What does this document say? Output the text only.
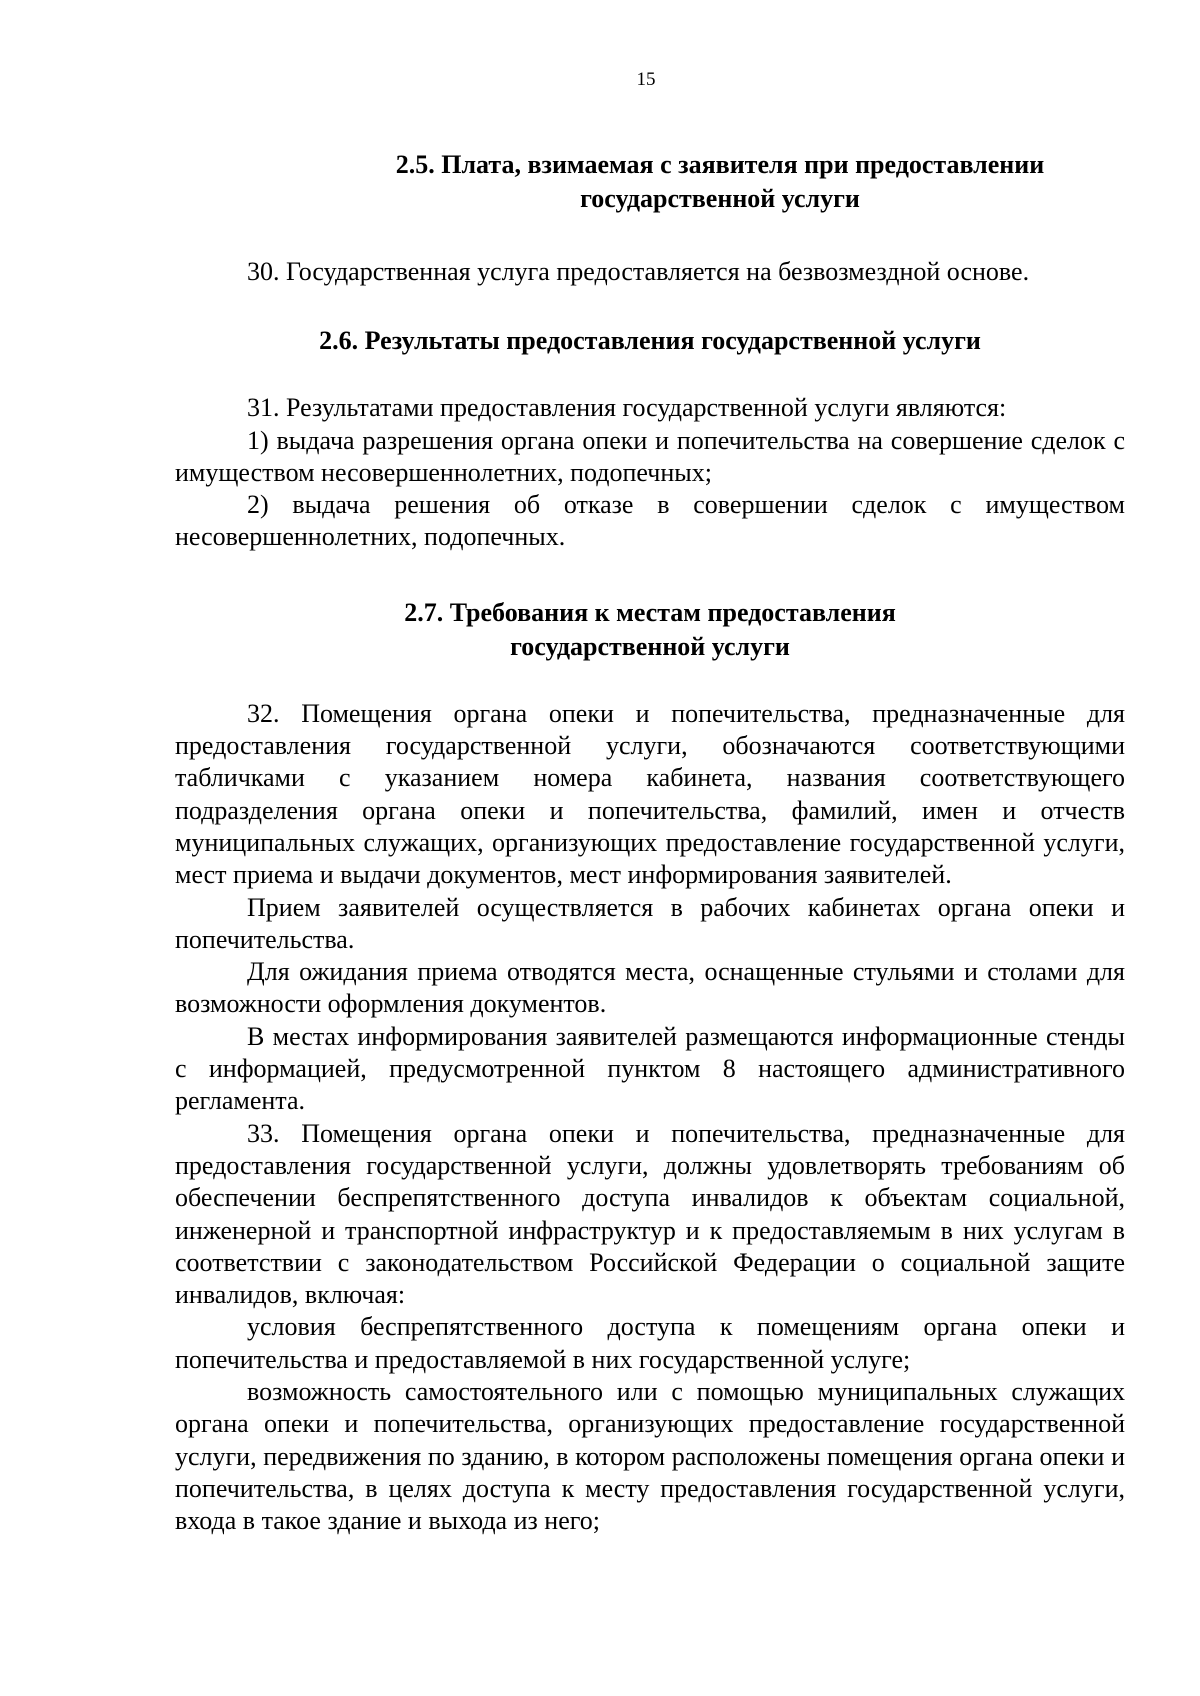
15
2.5. Плата, взимаемая с заявителя при предоставлении
государственной услуги

30. Государственная услуга предоставляется на безвозмездной основе.

2.6. Результаты предоставления государственной услуги

31. Результатами предоставления государственной услуги являются:

1) выдача разрешения органа опеки и попечительства на совершение сделок с имуществом несовершеннолетних, подопечных;

2) выдача решения об отказе в совершении сделок с имуществом несовершеннолетних, подопечных.

2.7. Требования к местам предоставления
государственной услуги

32. Помещения органа опеки и попечительства, предназначенные для предоставления государственной услуги, обозначаются соответствующими табличками с указанием номера кабинета, названия соответствующего подразделения органа опеки и попечительства, фамилий, имен и отчеств муниципальных служащих, организующих предоставление государственной услуги, мест приема и выдачи документов, мест информирования заявителей.

Прием заявителей осуществляется в рабочих кабинетах органа опеки и попечительства.

Для ожидания приема отводятся места, оснащенные стульями и столами для возможности оформления документов.

В местах информирования заявителей размещаются информационные стенды с информацией, предусмотренной пунктом 8 настоящего административного регламента.

33. Помещения органа опеки и попечительства, предназначенные для предоставления государственной услуги, должны удовлетворять требованиям об обеспечении беспрепятственного доступа инвалидов к объектам социальной, инженерной и транспортной инфраструктур и к предоставляемым в них услугам в соответствии с законодательством Российской Федерации о социальной защите инвалидов, включая:

условия беспрепятственного доступа к помещениям органа опеки и попечительства и предоставляемой в них государственной услуге;

возможность самостоятельного или с помощью муниципальных служащих органа опеки и попечительства, организующих предоставление государственной услуги, передвижения по зданию, в котором расположены помещения органа опеки и попечительства, в целях доступа к месту предоставления государственной услуги, входа в такое здание и выхода из него;
